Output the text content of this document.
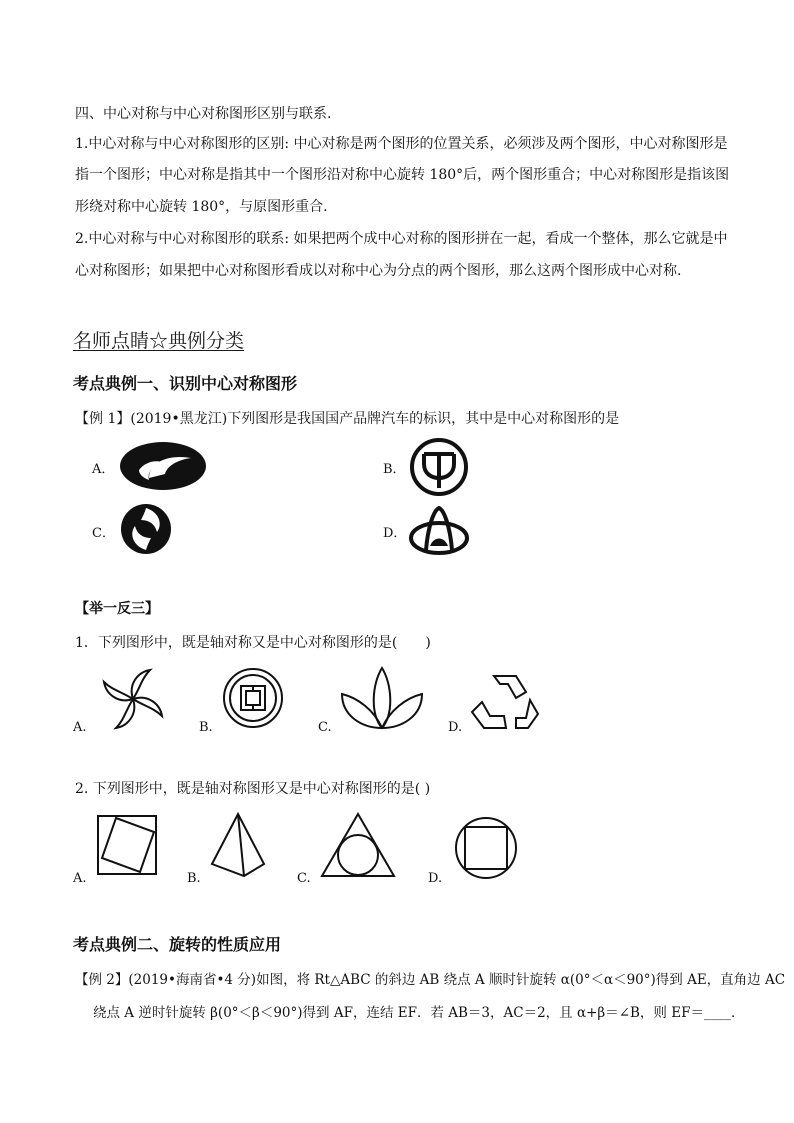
四、中心对称与中心对称图形区别与联系.
1.中心对称与中心对称图形的区别: 中心对称是两个图形的位置关系，必须涉及两个图形，中心对称图形是
指一个图形；中心对称是指其中一个图形沿对称中心旋转 180°后，两个图形重合；中心对称图形是指该图
形绕对称中心旋转 180°，与原图形重合.
2.中心对称与中心对称图形的联系: 如果把两个成中心对称的图形拼在一起，看成一个整体，那么它就是中
心对称图形；如果把中心对称图形看成以对称中心为分点的两个图形，那么这两个图形成中心对称.
名师点睛☆典例分类
考点典例一、识别中心对称图形
【例 1】(2019•黑龙江)下列图形是我国国产品牌汽车的标识，其中是中心对称图形的是
A．	B．
C．	D．
【举一反三】
1．下列图形中，既是轴对称又是中心对称图形的是(　　)
A.	B.	C.	D.
2. 下列图形中，既是轴对称图形又是中心对称图形的是( )
A.	B.	C.	D.
考点典例二、旋转的性质应用
【例 2】(2019•海南省•4 分)如图，将 Rt△ABC 的斜边 AB 绕点 A 顺时针旋转 α(0°＜α＜90°)得到 AE，直角边 AC
绕点 A 逆时针旋转 β(0°＜β＜90°)得到 AF，连结 EF．若 AB＝3，AC＝2，且 α+β＝∠B，则 EF＝____．
